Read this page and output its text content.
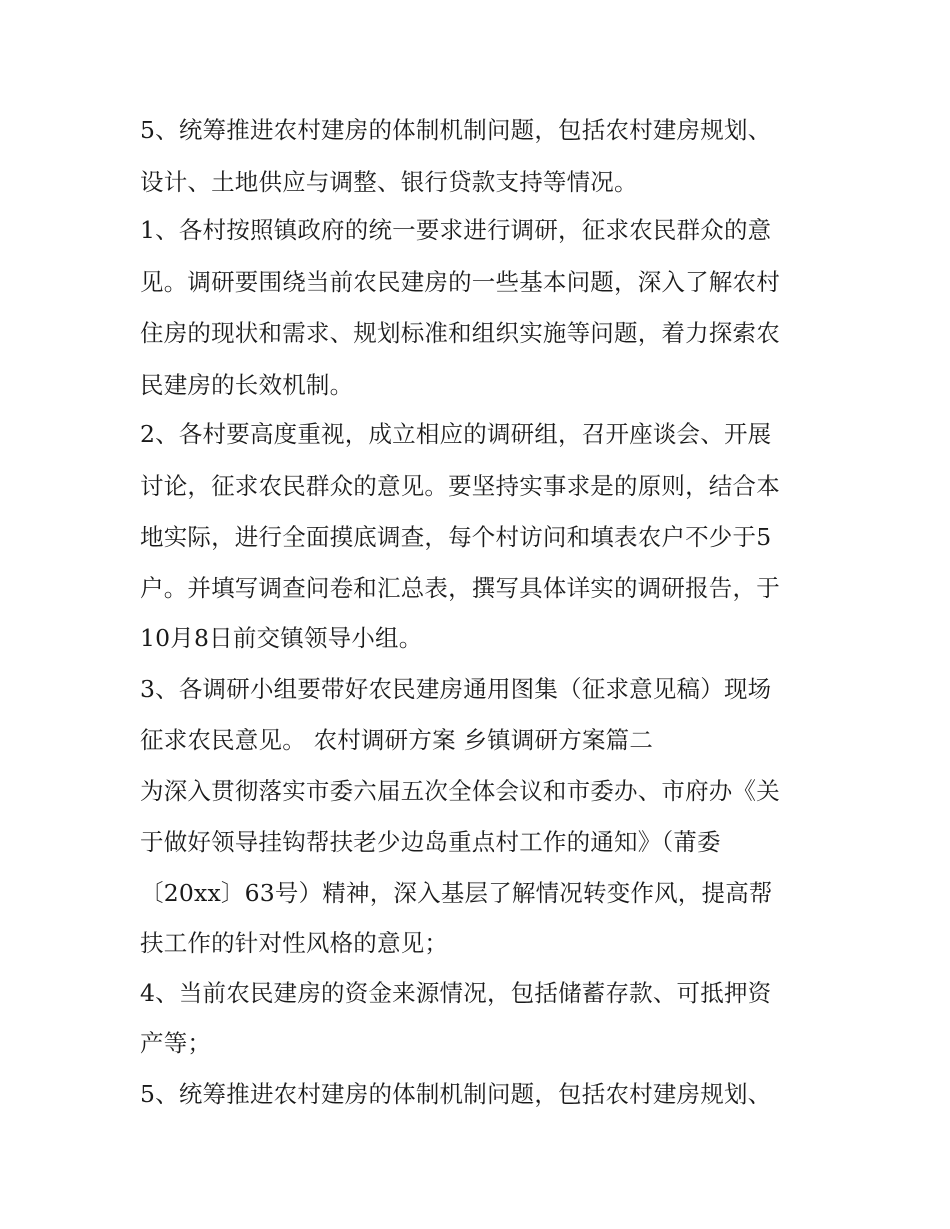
5、统筹推进农村建房的体制机制问题，包括农村建房规划、
设计、土地供应与调整、银行贷款支持等情况。
1、各村按照镇政府的统一要求进行调研，征求农民群众的意
见。调研要围绕当前农民建房的一些基本问题，深入了解农村
住房的现状和需求、规划标准和组织实施等问题，着力探索农
民建房的长效机制。
2、各村要高度重视，成立相应的调研组，召开座谈会、开展
讨论，征求农民群众的意见。要坚持实事求是的原则，结合本
地实际，进行全面摸底调查，每个村访问和填表农户不少于5
户。并填写调查问卷和汇总表，撰写具体详实的调研报告，于
10月8日前交镇领导小组。
3、各调研小组要带好农民建房通用图集（征求意见稿）现场
征求农民意见。 农村调研方案 乡镇调研方案篇二
为深入贯彻落实市委六届五次全体会议和市委办、市府办《关
于做好领导挂钩帮扶老少边岛重点村工作的通知》（莆委
〔20xx〕63号）精神，深入基层了解情况转变作风，提高帮
扶工作的针对性风格的意见；
4、当前农民建房的资金来源情况，包括储蓄存款、可抵押资
产等；
5、统筹推进农村建房的体制机制问题，包括农村建房规划、
